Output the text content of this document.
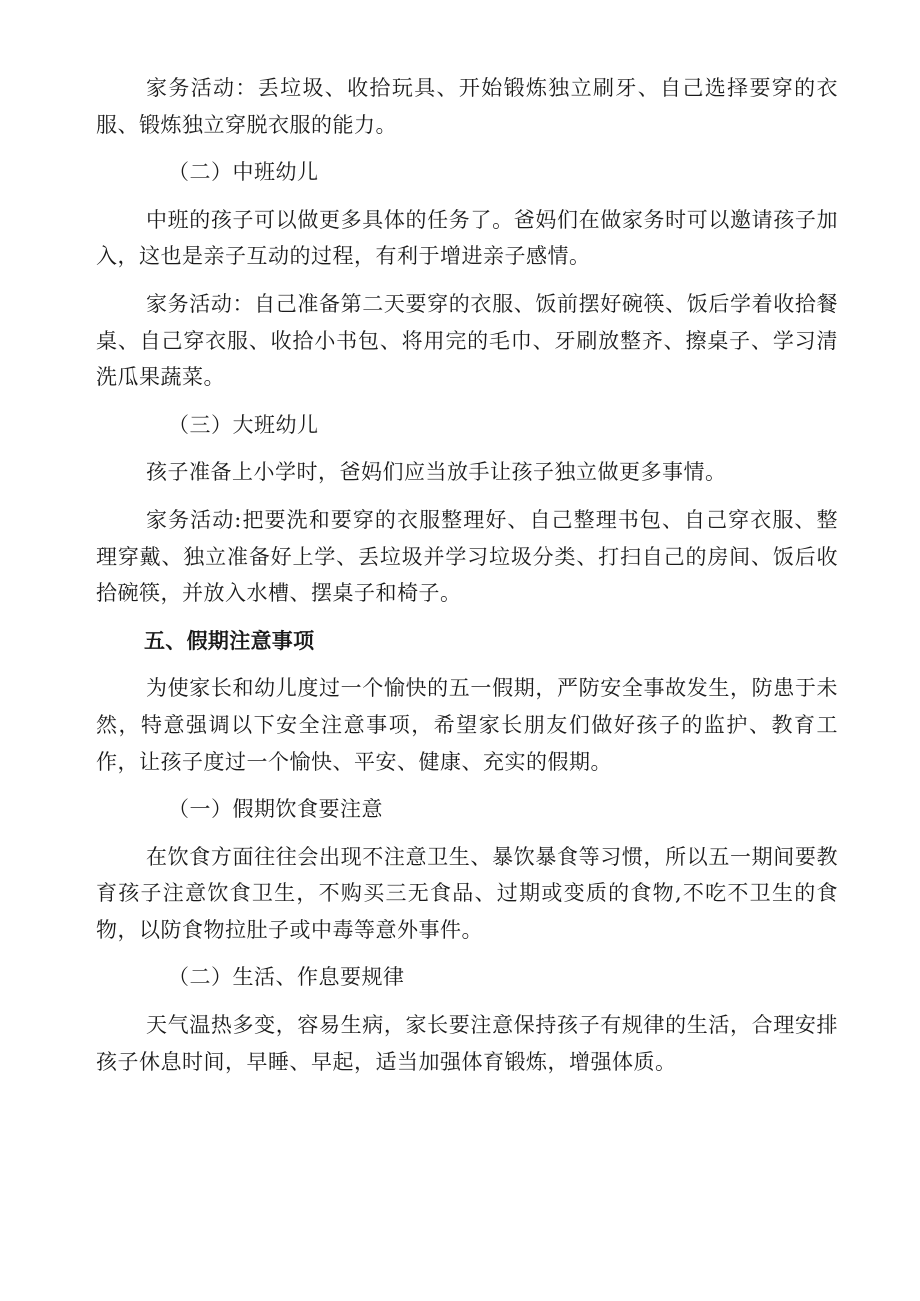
家务活动：丢垃圾、收拾玩具、开始锻炼独立刷牙、自己选择要穿的衣服、锻炼独立穿脱衣服的能力。

（二）中班幼儿

中班的孩子可以做更多具体的任务了。爸妈们在做家务时可以邀请孩子加入，这也是亲子互动的过程，有利于增进亲子感情。

家务活动：自己准备第二天要穿的衣服、饭前摆好碗筷、饭后学着收拾餐桌、自己穿衣服、收拾小书包、将用完的毛巾、牙刷放整齐、擦桌子、学习清洗瓜果蔬菜。

（三）大班幼儿

孩子准备上小学时，爸妈们应当放手让孩子独立做更多事情。

家务活动:把要洗和要穿的衣服整理好、自己整理书包、自己穿衣服、整理穿戴、独立准备好上学、丢垃圾并学习垃圾分类、打扫自己的房间、饭后收拾碗筷，并放入水槽、摆桌子和椅子。

五、假期注意事项

为使家长和幼儿度过一个愉快的五一假期，严防安全事故发生，防患于未然，特意强调以下安全注意事项，希望家长朋友们做好孩子的监护、教育工作，让孩子度过一个愉快、平安、健康、充实的假期。

（一）假期饮食要注意

在饮食方面往往会出现不注意卫生、暴饮暴食等习惯，所以五一期间要教育孩子注意饮食卫生，不购买三无食品、过期或变质的食物,不吃不卫生的食物，以防食物拉肚子或中毒等意外事件。

（二）生活、作息要规律

天气温热多变，容易生病，家长要注意保持孩子有规律的生活，合理安排孩子休息时间，早睡、早起，适当加强体育锻炼，增强体质。
